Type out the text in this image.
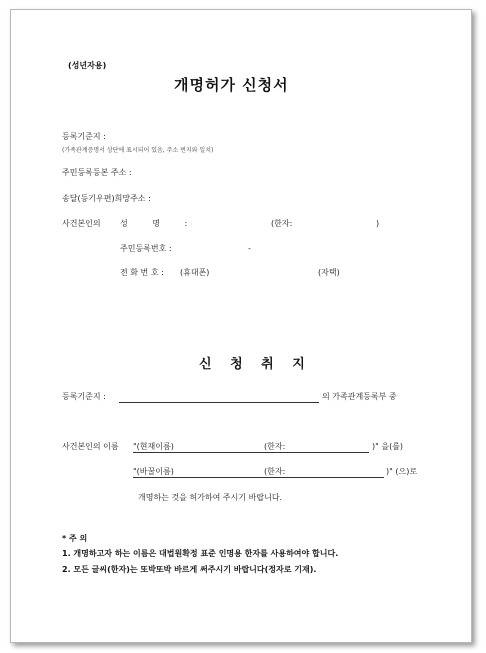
(성년자용)
개명허가 신청서
등록기준지 :
(가족관계증명서 상단에 표시되어 있음, 주소 번지와 일치)
주민등록등본 주소 :
송달(등기우편)희망주소 :
사건본인의 성 명 :	(한자:	)
주민등록번호 :	-
전 화 번 호 : (휴대폰)	(자택)
신 청 취 지
등록기준지 :	의 가족관계등록부 중
사건본인의 이름 "(현재이름)	(한자:	)" 을(를)
"(바꿀이름)	(한자:	)" (으)로
개명하는 것을 허가하여 주시기 바랍니다.
* 주 의
1. 개명하고자 하는 이름은 대법원확정 표준 인명용 한자를 사용하여야 합니다.
2. 모든 글씨(한자)는 또박또박 바르게 써주시기 바랍니다(정자로 기재).
